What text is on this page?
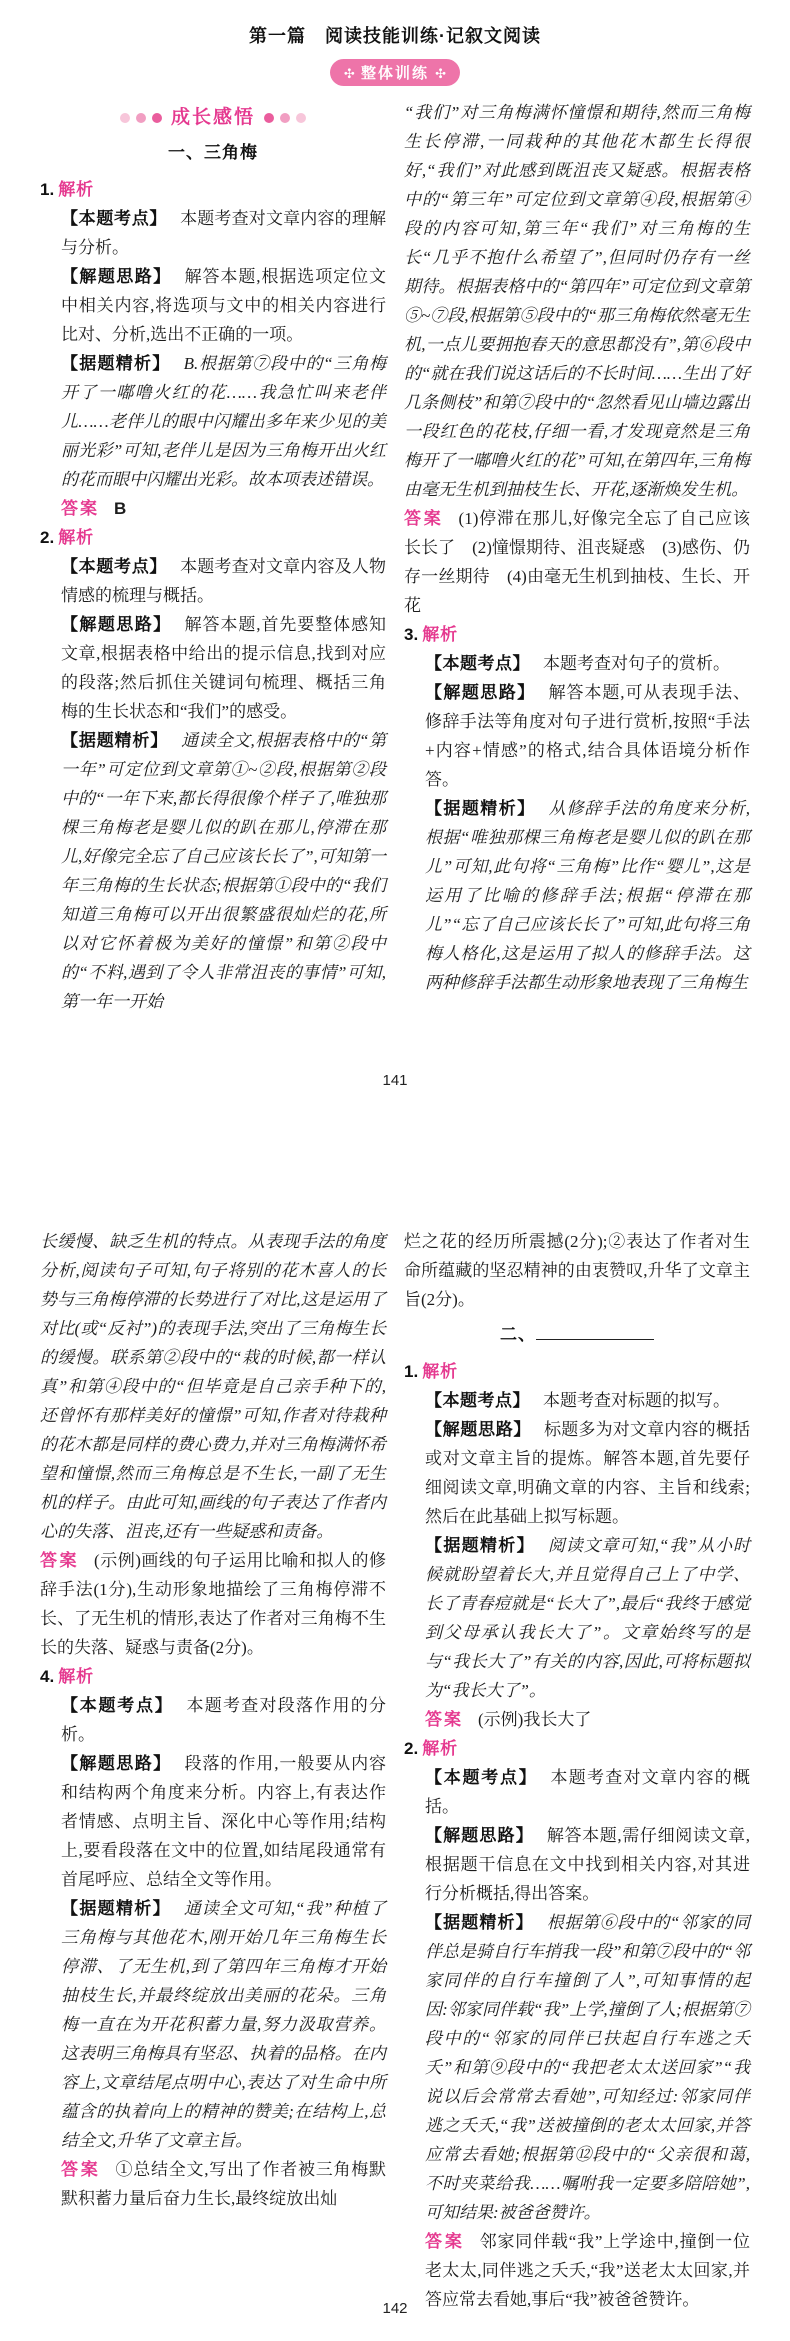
第一篇　阅读技能训练·记叙文阅读
✣ 整体训练 ✣
成长感悟
一、三角梅
1. 解析

【本题考点】 本题考查对文章内容的理解与分析。

【解题思路】 解答本题,根据选项定位文中相关内容,将选项与文中的相关内容进行比对、分析,选出不正确的一项。

【据题精析】 B.根据第⑦段中的“三角梅开了一嘟噜火红的花……我急忙叫来老伴儿……老伴儿的眼中闪耀出多年来少见的美丽光彩”可知,老伴儿是因为三角梅开出火红的花而眼中闪耀出光彩。故本项表述错误。

答案 B

2. 解析

【本题考点】 本题考查对文章内容及人物情感的梳理与概括。

【解题思路】 解答本题,首先要整体感知文章,根据表格中给出的提示信息,找到对应的段落;然后抓住关键词句梳理、概括三角梅的生长状态和“我们”的感受。

【据题精析】 通读全文,根据表格中的“第一年”可定位到文章第①~②段,根据第②段中的“一年下来,都长得很像个样子了,唯独那棵三角梅老是婴儿似的趴在那儿,停滞在那儿,好像完全忘了自己应该长长了”,可知第一年三角梅的生长状态;根据第①段中的“我们知道三角梅可以开出很繁盛很灿烂的花,所以对它怀着极为美好的憧憬”和第②段中的“不料,遇到了令人非常沮丧的事情”可知,第一年一开始

“我们”对三角梅满怀憧憬和期待,然而三角梅生长停滞,一同栽种的其他花木都生长得很好,“我们”对此感到既沮丧又疑惑。根据表格中的“第三年”可定位到文章第④段,根据第④段的内容可知,第三年“我们”对三角梅的生长“几乎不抱什么希望了”,但同时仍存有一丝期待。根据表格中的“第四年”可定位到文章第⑤~⑦段,根据第⑤段中的“那三角梅依然毫无生机,一点儿要拥抱春天的意思都没有”,第⑥段中的“就在我们说这话后的不长时间……生出了好几条侧枝”和第⑦段中的“忽然看见山墙边露出一段红色的花枝,仔细一看,才发现竟然是三角梅开了一嘟噜火红的花”可知,在第四年,三角梅由毫无生机到抽枝生长、开花,逐渐焕发生机。

答案 (1)停滞在那儿,好像完全忘了自己应该长长了　(2)憧憬期待、沮丧疑惑　(3)感伤、仍存一丝期待　(4)由毫无生机到抽枝、生长、开花

3. 解析

【本题考点】 本题考查对句子的赏析。

【解题思路】 解答本题,可从表现手法、修辞手法等角度对句子进行赏析,按照“手法+内容+情感”的格式,结合具体语境分析作答。

【据题精析】 从修辞手法的角度来分析,根据“唯独那棵三角梅老是婴儿似的趴在那儿”可知,此句将“三角梅”比作“婴儿”,这是运用了比喻的修辞手法;根据“停滞在那儿”“忘了自己应该长长了”可知,此句将三角梅人格化,这是运用了拟人的修辞手法。这两种修辞手法都生动形象地表现了三角梅生

141

长缓慢、缺乏生机的特点。从表现手法的角度分析,阅读句子可知,句子将别的花木喜人的长势与三角梅停滞的长势进行了对比,这是运用了对比(或“反衬”)的表现手法,突出了三角梅生长的缓慢。联系第②段中的“栽的时候,都一样认真”和第④段中的“但毕竟是自己亲手种下的,还曾怀有那样美好的憧憬”可知,作者对待栽种的花木都是同样的费心费力,并对三角梅满怀希望和憧憬,然而三角梅总是不生长,一副了无生机的样子。由此可知,画线的句子表达了作者内心的失落、沮丧,还有一些疑惑和责备。

答案 (示例)画线的句子运用比喻和拟人的修辞手法(1分),生动形象地描绘了三角梅停滞不长、了无生机的情形,表达了作者对三角梅不生长的失落、疑惑与责备(2分)。

4. 解析

【本题考点】 本题考查对段落作用的分析。

【解题思路】 段落的作用,一般要从内容和结构两个角度来分析。内容上,有表达作者情感、点明主旨、深化中心等作用;结构上,要看段落在文中的位置,如结尾段通常有首尾呼应、总结全文等作用。

【据题精析】 通读全文可知,“我”种植了三角梅与其他花木,刚开始几年三角梅生长停滞、了无生机,到了第四年三角梅才开始抽枝生长,并最终绽放出美丽的花朵。三角梅一直在为开花积蓄力量,努力汲取营养。这表明三角梅具有坚忍、执着的品格。在内容上,文章结尾点明中心,表达了对生命中所蕴含的执着向上的精神的赞美;在结构上,总结全文,升华了文章主旨。

答案 ①总结全文,写出了作者被三角梅默默积蓄力量后奋力生长,最终绽放出灿

烂之花的经历所震撼(2分);②表达了作者对生命所蕴藏的坚忍精神的由衷赞叹,升华了文章主旨(2分)。

二、
1. 解析

【本题考点】 本题考查对标题的拟写。

【解题思路】 标题多为对文章内容的概括或对文章主旨的提炼。解答本题,首先要仔细阅读文章,明确文章的内容、主旨和线索;然后在此基础上拟写标题。

【据题精析】 阅读文章可知,“我”从小时候就盼望着长大,并且觉得自己上了中学、长了青春痘就是“长大了”,最后“我终于感觉到父母承认我长大了”。文章始终写的是与“我长大了”有关的内容,因此,可将标题拟为“我长大了”。

答案 (示例)我长大了

2. 解析

【本题考点】 本题考查对文章内容的概括。

【解题思路】 解答本题,需仔细阅读文章,根据题干信息在文中找到相关内容,对其进行分析概括,得出答案。

【据题精析】 根据第⑥段中的“邻家的同伴总是骑自行车捎我一段”和第⑦段中的“邻家同伴的自行车撞倒了人”,可知事情的起因:邻家同伴载“我”上学,撞倒了人;根据第⑦段中的“邻家的同伴已扶起自行车逃之夭夭”和第⑨段中的“我把老太太送回家”“我说以后会常常去看她”,可知经过:邻家同伴逃之夭夭,“我”送被撞倒的老太太回家,并答应常去看她;根据第⑫段中的“父亲很和蔼,不时夹菜给我……嘱咐我一定要多陪陪她”,可知结果:被爸爸赞许。

答案 邻家同伴载“我”上学途中,撞倒一位老太太,同伴逃之夭夭,“我”送老太太回家,并答应常去看她,事后“我”被爸爸赞许。

142
